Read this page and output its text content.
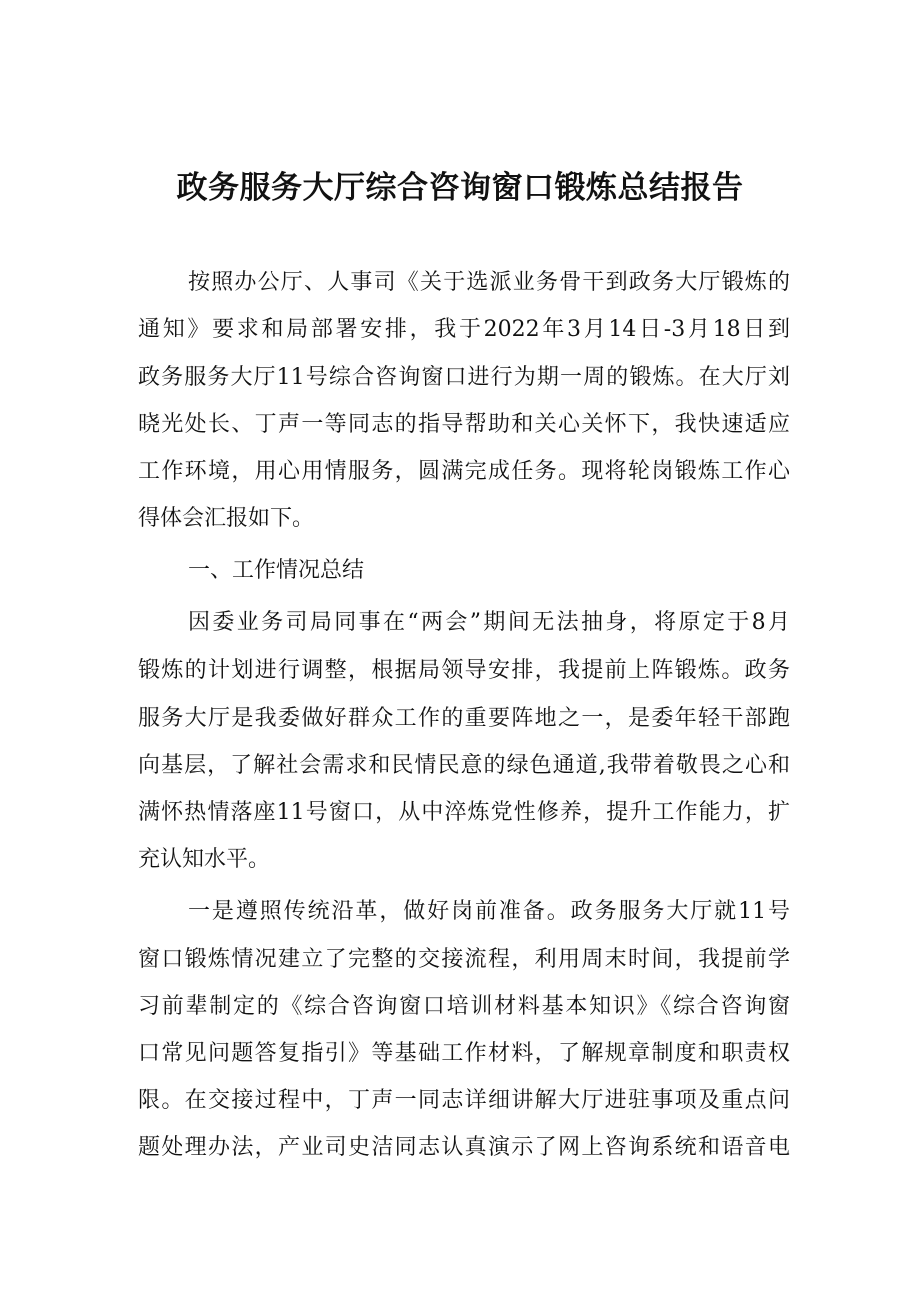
政务服务大厅综合咨询窗口锻炼总结报告

按照办公厅、人事司《关于选派业务骨干到政务大厅锻炼的

通知》要求和局部署安排，我于2022年3月14日-3月18日到

政务服务大厅11号综合咨询窗口进行为期一周的锻炼。在大厅刘

晓光处长、丁声一等同志的指导帮助和关心关怀下，我快速适应

工作环境，用心用情服务，圆满完成任务。现将轮岗锻炼工作心

得体会汇报如下。

一、工作情况总结

因委业务司局同事在“两会”期间无法抽身，将原定于8月

锻炼的计划进行调整，根据局领导安排，我提前上阵锻炼。政务

服务大厅是我委做好群众工作的重要阵地之一，是委年轻干部跑

向基层，了解社会需求和民情民意的绿色通道,我带着敬畏之心和

满怀热情落座11号窗口，从中淬炼党性修养，提升工作能力，扩

充认知水平。

一是遵照传统沿革，做好岗前准备。政务服务大厅就11号

窗口锻炼情况建立了完整的交接流程，利用周末时间，我提前学

习前辈制定的《综合咨询窗口培训材料基本知识》《综合咨询窗

口常见问题答复指引》等基础工作材料，了解规章制度和职责权

限。在交接过程中，丁声一同志详细讲解大厅进驻事项及重点问

题处理办法，产业司史洁同志认真演示了网上咨询系统和语音电
